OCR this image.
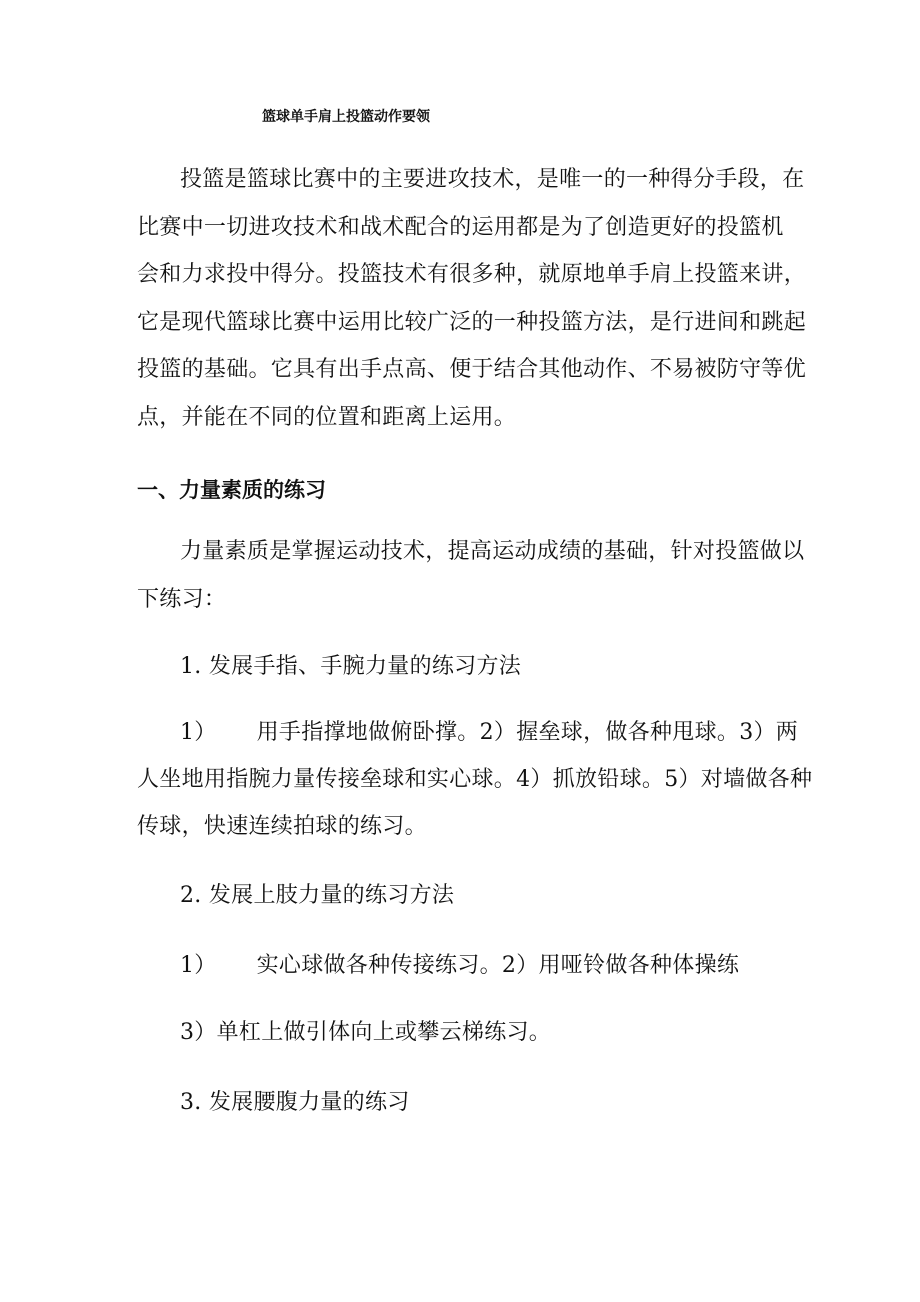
篮球单手肩上投篮动作要领
投篮是篮球比赛中的主要进攻技术，是唯一的一种得分手段，在
比赛中一切进攻技术和战术配合的运用都是为了创造更好的投篮机
会和力求投中得分。投篮技术有很多种，就原地单手肩上投篮来讲，
它是现代篮球比赛中运用比较广泛的一种投篮方法，是行进间和跳起
投篮的基础。它具有出手点高、便于结合其他动作、不易被防守等优
点，并能在不同的位置和距离上运用。
一、力量素质的练习
力量素质是掌握运动技术，提高运动成绩的基础，针对投篮做以
下练习：
1. 发展手指、手腕力量的练习方法
1） 用手指撑地做俯卧撑。2）握垒球，做各种甩球。3）两
人坐地用指腕力量传接垒球和实心球。4）抓放铅球。5）对墙做各种
传球，快速连续拍球的练习。
2. 发展上肢力量的练习方法
1） 实心球做各种传接练习。2）用哑铃做各种体操练
3）单杠上做引体向上或攀云梯练习。
3. 发展腰腹力量的练习
